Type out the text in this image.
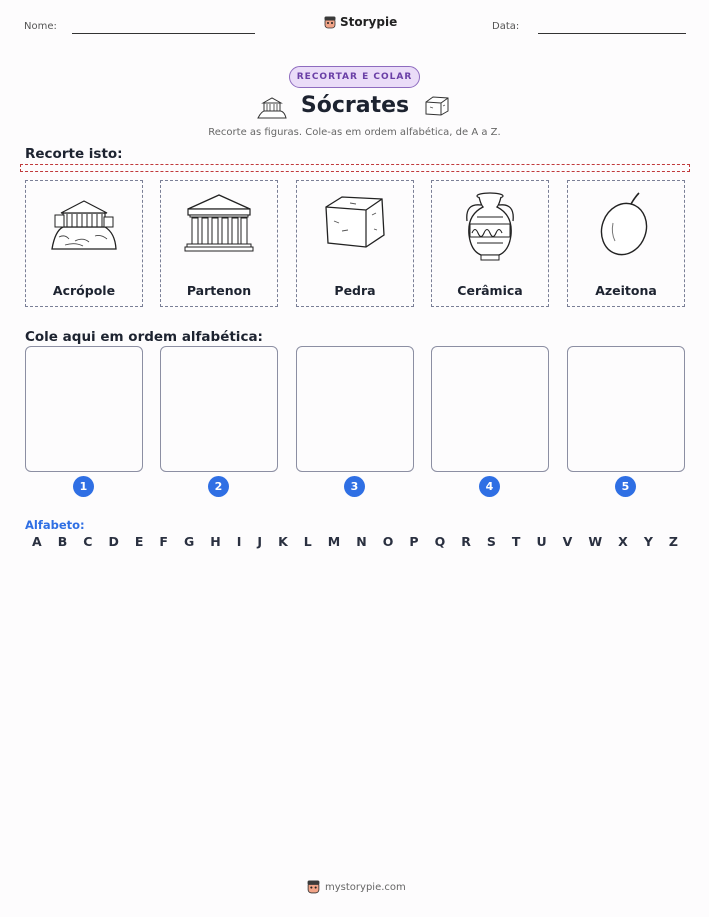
Nome:	Storypie	Data:
RECORTAR E COLAR
Sócrates
Recorte as figuras. Cole-as em ordem alfabética, de A a Z.
Recorte isto:
Acrópole	Partenon	Pedra	Cerâmica	Azeitona
Cole aqui em ordem alfabética:
1	2	3	4	5
Alfabeto:
A B C D E F G H I J K L M N O P Q R S T U V W X Y Z
mystorypie.com
